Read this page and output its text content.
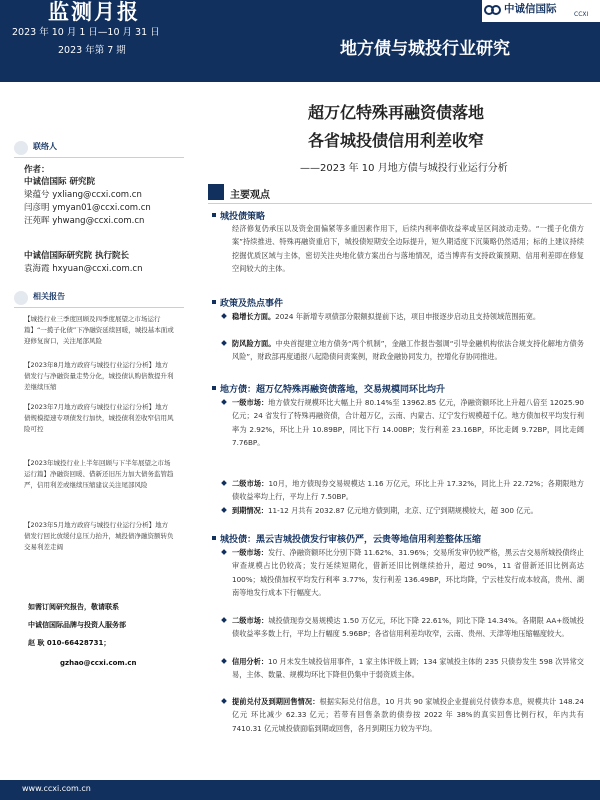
监测月报
2023 年 10 月 1 日—10 月 31 日
2023 年第 7 期
中诚信国际	CCXI
地方债与城投行业研究
联络人
作者：
中诚信国际 研究院
梁蕴兮 yxliang@ccxi.com.cn
闫彦明 ymyan01@ccxi.com.cn
汪苑晖 yhwang@ccxi.com.cn
中诚信国际研究院 执行院长
袁海霞 hxyuan@ccxi.com.cn
相关报告
【城投行业三季度回顾及四季度展望之市场运行篇】“一揽子化债”下净融资延续回暖，城投基本面或迎修复窗口，关注尾部风险
【2023年8月地方政府与城投行业运行分析】地方债发行与净融资量走势分化，城投债认购倍数提升利差继续压缩
【2023年7月地方政府与城投行业运行分析】地方债规模提速专项债发行加快，城投债利差收窄信用风险可控
【2023年城投行业上半年回顾与下半年展望之市场运行篇】净融资回暖、借新还旧压力加大债务监管趋严，信用利差或继续压缩建议关注尾部风险
【2023年5月地方政府与城投行业运行分析】地方债发行回比放缓付息压力抬升，城投债净融资额转负交易利差走阔
如需订阅研究报告，敬请联系
中诚信国际品牌与投资人服务部
赵 耿 010-66428731；
gzhao@ccxi.com.cn
超万亿特殊再融资债落地
各省城投债信用利差收窄
——2023 年 10 月地方债与城投行业运行分析
主要观点
城投债策略
经济修复仍承压以及资金面偏紧等多重因素作用下，后续内利率债收益率或呈区间波动走势。“一揽子化债方案”持续推进、特殊再融资重启下，城投债短期安全边际提升，短久期适度下沉策略仍然适用；标的上建议持续挖掘优质区域与主体，密切关注央地化债方案出台与落地情况，适当博弈有支持政策预期、信用利差即在修复空间较大的主体。
政策及热点事件
稳增长方面。2024 年新增专项债部分限额拟提前下达，项目申报逐步启动且支持领域范围拓宽。
防风险方面。中央首提建立地方债务“两个机制”，金融工作报告强调“引导金融机构依法合规支持化解地方债务风险”，财政部再度通报八起隐债问责案例，财政金融协同发力，控增化存协同推进。
地方债：超万亿特殊再融资债落地，交易规模同环比均升
一级市场：地方债发行规模环比大幅上升 80.14%至 13962.85 亿元，净融资额环比上升超八倍至 12025.90 亿元；24 省发行了特殊再融资债，合计超万亿，云南、内蒙古、辽宁发行规模超千亿。地方债加权平均发行利率为 2.92%，环比上升 10.89BP，同比下行 14.00BP；发行利差 23.16BP，环比走阔 9.72BP，同比走阔 7.76BP。
二级市场：10月，地方债现券交易规模达 1.16 万亿元，环比上升 17.32%，同比上升 22.72%；各期限地方债收益率均上行，平均上行 7.50BP。
到期情况：11-12 月共有 2032.87 亿元地方债到期，北京、辽宁到期规模较大，超 300 亿元。
城投债：黑云吉城投债发行审核仍严，云贵等地信用利差整体压缩
一级市场：发行、净融资额环比分别下降 11.62%、31.96%；交易所发审仍较严格，黑云吉交易所城投债终止审查规模占比仍较高；发行延续短期化，借新还旧比例继续抬升，超过 90%，11 省借新还旧比例高达 100%；城投债加权平均发行利率 3.77%，发行利差 136.49BP，环比均降，宁云桂发行成本较高，贵州、湖南等地发行成本下行幅度大。
二级市场：城投债现券交易规模达 1.50 万亿元，环比下降 22.61%，同比下降 14.34%。各期限 AA+级城投债收益率多数上行，平均上行幅度 5.96BP；各省信用利差均收窄，云南、贵州、天津等地压缩幅度较大。
信用分析：10 月未发生城投信用事件，1 家主体评级上调；134 家城投主体的 235 只债券发生 598 次异常交易，主体、数量、规模均环比下降但仍集中于弱资质主体。
提前兑付及到期回售情况：根据实际兑付信息，10 月共 90 家城投企业提前兑付债券本息，规模共计 148.24 亿元 环比减少 62.33 亿元；若带有回售条款的债券按 2022 年 38%的真实回售比例行权，年内共有 7410.31 亿元城投债面临到期或回售，各月到期压力较为平均。
www.ccxi.com.cn
